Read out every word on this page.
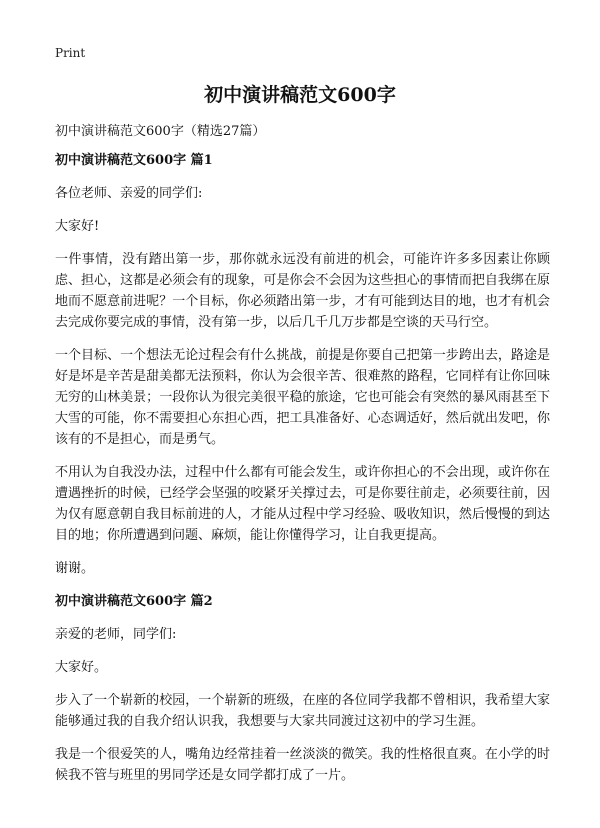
Print
初中演讲稿范文600字
初中演讲稿范文600字（精选27篇）
初中演讲稿范文600字 篇1

各位老师、亲爱的同学们:

大家好!

一件事情，没有踏出第一步，那你就永远没有前进的机会，可能许许多多因素让你顾虑、担心，这都是必须会有的现象，可是你会不会因为这些担心的事情而把自我绑在原地而不愿意前进呢？一个目标，你必须踏出第一步，才有可能到达目的地，也才有机会去完成你要完成的事情，没有第一步，以后几千几万步都是空谈的天马行空。

一个目标、一个想法无论过程会有什么挑战，前提是你要自己把第一步跨出去，路途是好是坏是辛苦是甜美都无法预料，你认为会很辛苦、很难熬的路程，它同样有让你回味无穷的山林美景；一段你认为很完美很平稳的旅途，它也可能会有突然的暴风雨甚至下大雪的可能，你不需要担心东担心西，把工具准备好、心态调适好，然后就出发吧，你该有的不是担心，而是勇气。

不用认为自我没办法，过程中什么都有可能会发生，或许你担心的不会出现，或许你在遭遇挫折的时候，已经学会坚强的咬紧牙关撑过去，可是你要往前走，必须要往前，因为仅有愿意朝自我目标前进的人，才能从过程中学习经验、吸收知识，然后慢慢的到达目的地；你所遭遇到问题、麻烦，能让你懂得学习，让自我更提高。

谢谢。

初中演讲稿范文600字 篇2

亲爱的老师，同学们:

大家好。

步入了一个崭新的校园，一个崭新的班级，在座的各位同学我都不曾相识，我希望大家能够通过我的自我介绍认识我，我想要与大家共同渡过这初中的学习生涯。

我是一个很爱笑的人，嘴角边经常挂着一丝淡淡的微笑。我的性格很直爽。在小学的时候我不管与班里的男同学还是女同学都打成了一片。
